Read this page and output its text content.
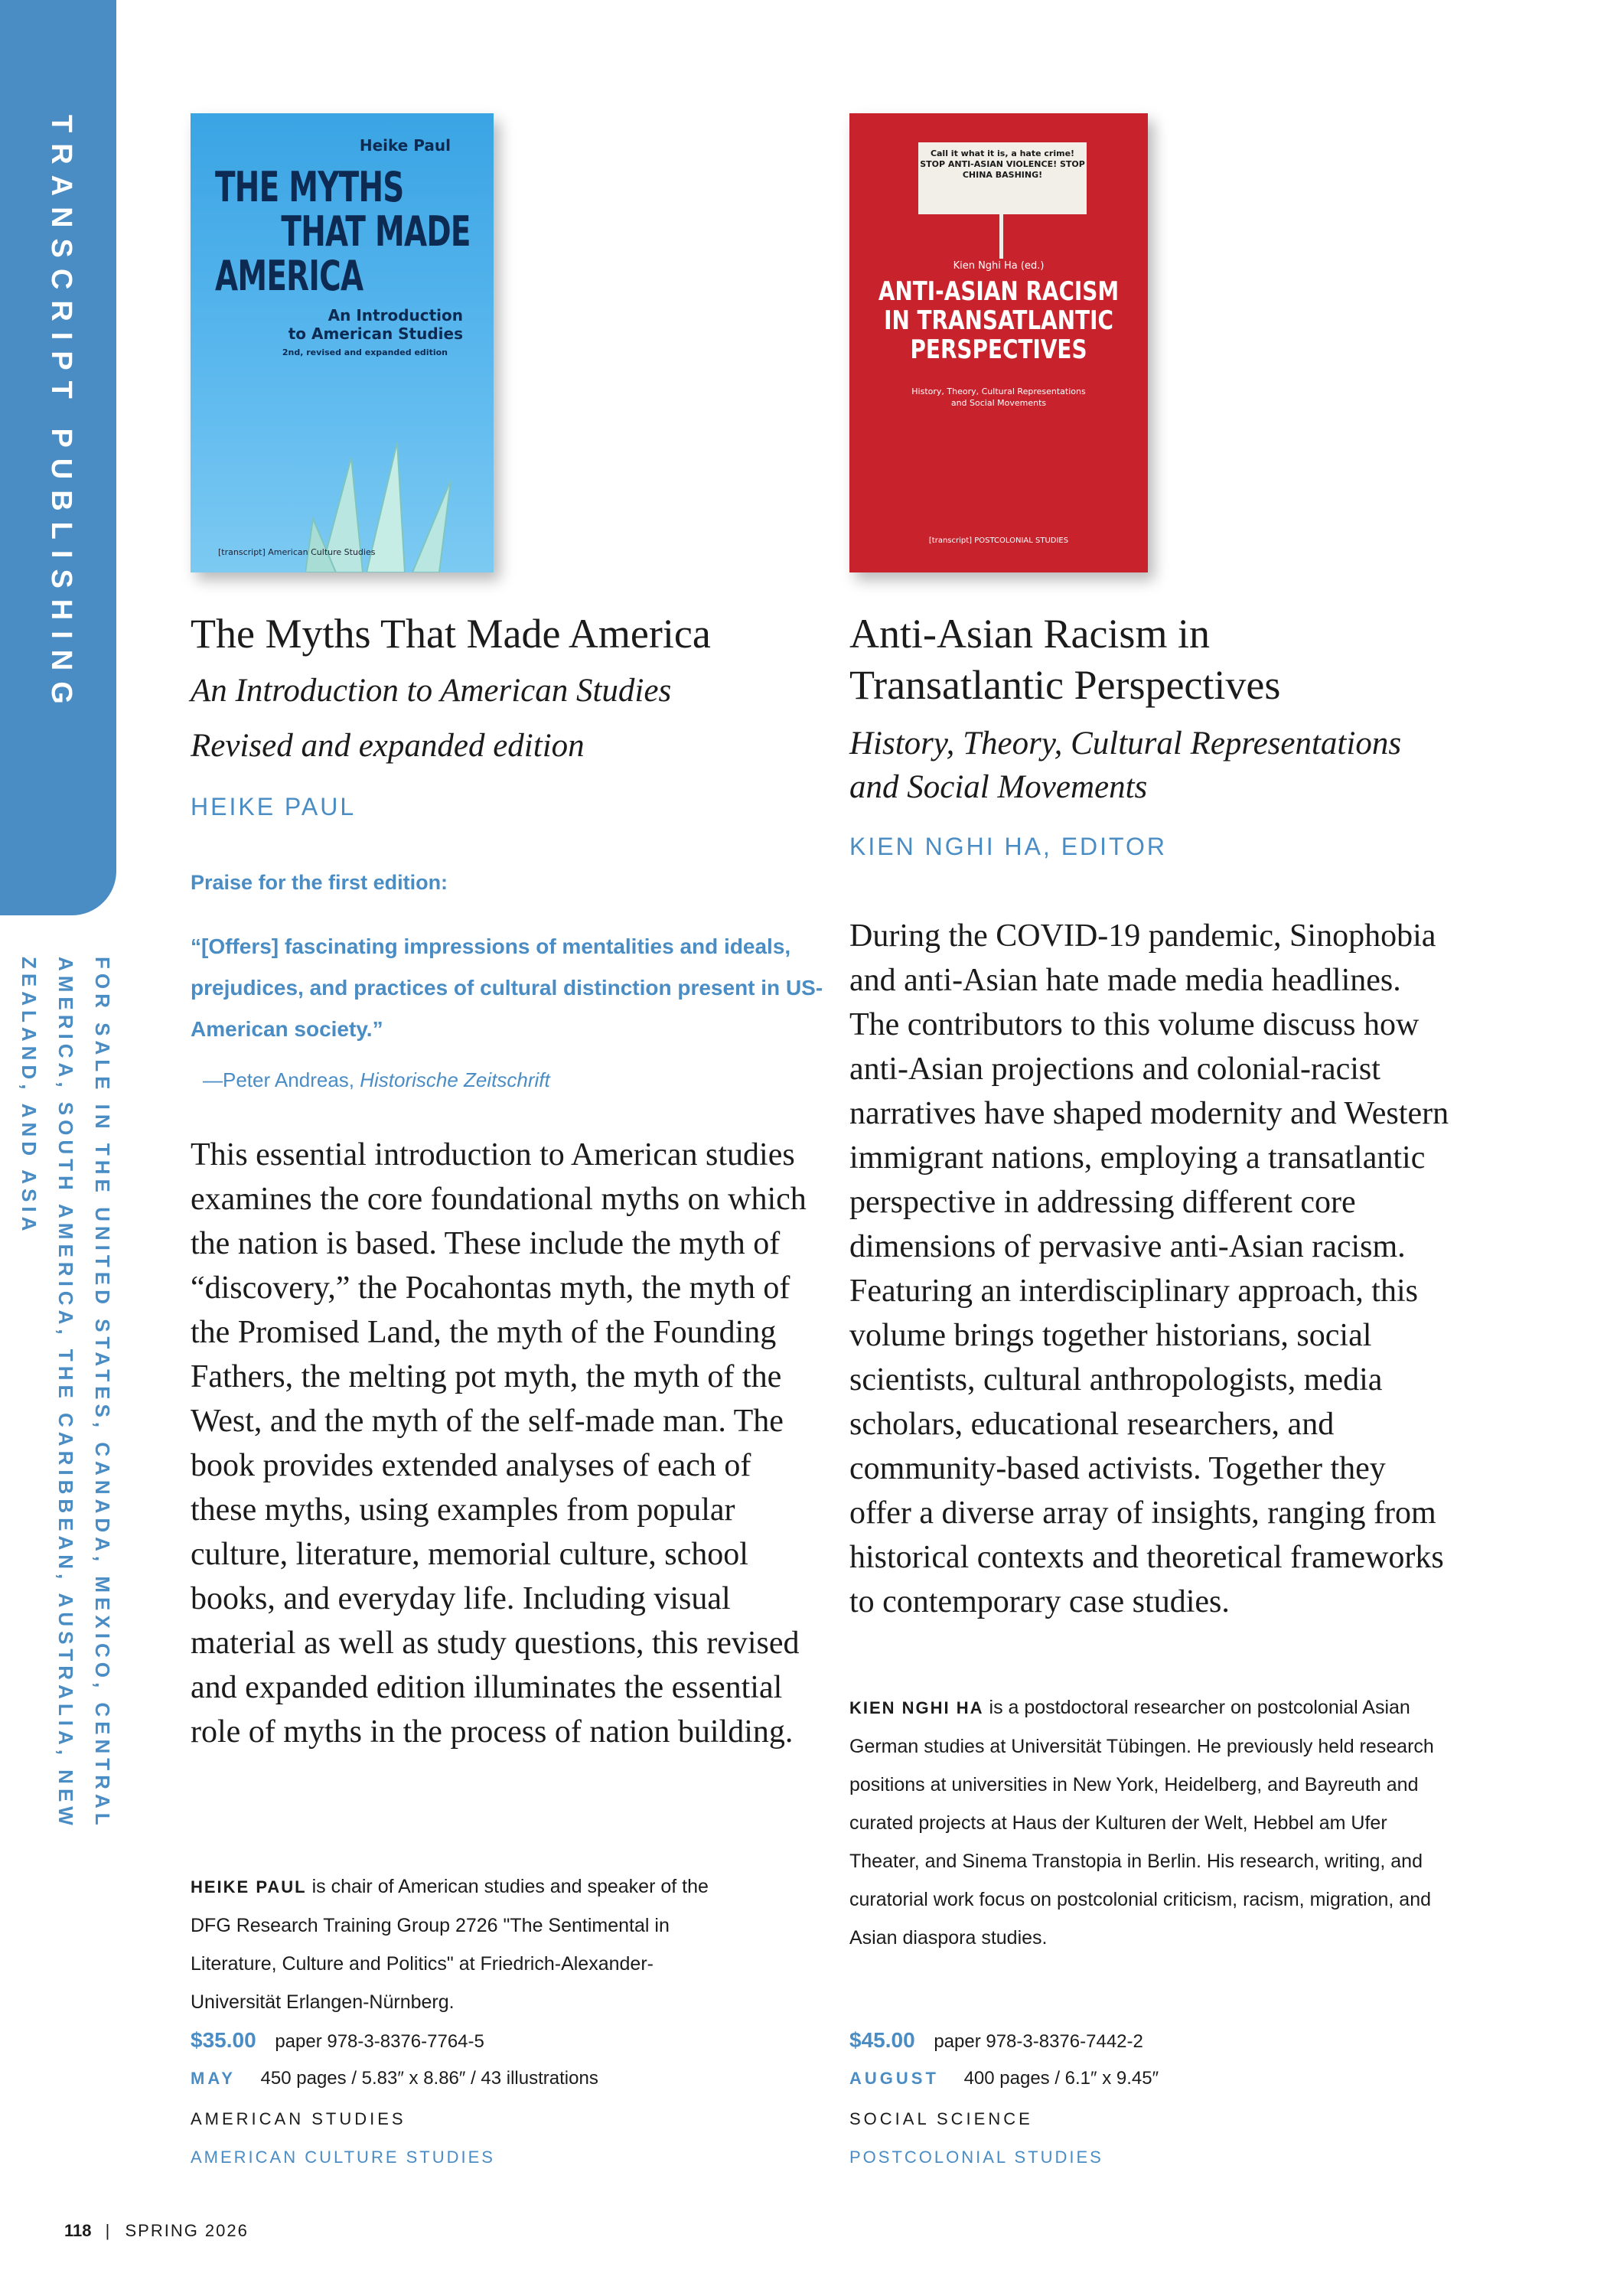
TRANSCRIPT PUBLISHING
FOR SALE IN THE UNITED STATES, CANADA, MEXICO, CENTRAL AMERICA, SOUTH AMERICA, THE CARIBBEAN, AUSTRALIA, NEW ZEALAND, AND ASIA
Heike Paul
THE MYTHS
THAT MADE
AMERICA
An Introduction
to American Studies
2nd, revised and expanded edition
[transcript] American Culture Studies
The Myths That Made America
An Introduction to American Studies
Revised and expanded edition
HEIKE PAUL
Praise for the first edition:
“[Offers] fascinating impressions of mentalities and ideals, prejudices, and practices of cultural distinction present in US-American society.”
—Peter Andreas, Historische Zeitschrift
This essential introduction to American studies examines the core foundational myths on which the nation is based. These include the myth of “discovery,” the Pocahontas myth, the myth of the Promised Land, the myth of the Founding Fathers, the melting pot myth, the myth of the West, and the myth of the self-made man. The book provides extended analyses of each of these myths, using examples from popular culture, literature, memorial culture, school books, and everyday life. Including visual material as well as study questions, this revised and expanded edition illuminates the essential role of myths in the process of nation building.
HEIKE PAUL is chair of American studies and speaker of the DFG Research Training Group 2726 "The Sentimental in Literature, Culture and Politics" at Friedrich-Alexander-Universität Erlangen-Nürnberg.
$35.00 paper 978-3-8376-7764-5
MAY 450 pages / 5.83″ x 8.86″ / 43 illustrations
AMERICAN STUDIES
AMERICAN CULTURE STUDIES
Call it what it is, a hate crime! STOP ANTI-ASIAN VIOLENCE! STOP CHINA BASHING!
Kien Nghi Ha (ed.)
ANTI-ASIAN RACISM
IN TRANSATLANTIC
PERSPECTIVES
History, Theory, Cultural Representations
and Social Movements
[transcript] POSTCOLONIAL STUDIES
Anti-Asian Racism in
Transatlantic Perspectives
History, Theory, Cultural Representations
and Social Movements
KIEN NGHI HA, EDITOR
During the COVID-19 pandemic, Sinophobia and anti-Asian hate made media headlines. The contributors to this volume discuss how anti-Asian projections and colonial-racist narratives have shaped modernity and Western immigrant nations, employing a transatlantic perspective in addressing different core dimensions of pervasive anti-Asian racism. Featuring an interdisciplinary approach, this volume brings together historians, social scientists, cultural anthropologists, media scholars, educational researchers, and community-based activists. Together they offer a diverse array of insights, ranging from historical contexts and theoretical frameworks to contemporary case studies.
KIEN NGHI HA is a postdoctoral researcher on postcolonial Asian German studies at Universität Tübingen. He previously held research positions at universities in New York, Heidelberg, and Bayreuth and curated projects at Haus der Kulturen der Welt, Hebbel am Ufer Theater, and Sinema Transtopia in Berlin. His research, writing, and curatorial work focus on postcolonial criticism, racism, migration, and Asian diaspora studies.
$45.00 paper 978-3-8376-7442-2
AUGUST 400 pages / 6.1″ x 9.45″
SOCIAL SCIENCE
POSTCOLONIAL STUDIES
118 | SPRING 2026
